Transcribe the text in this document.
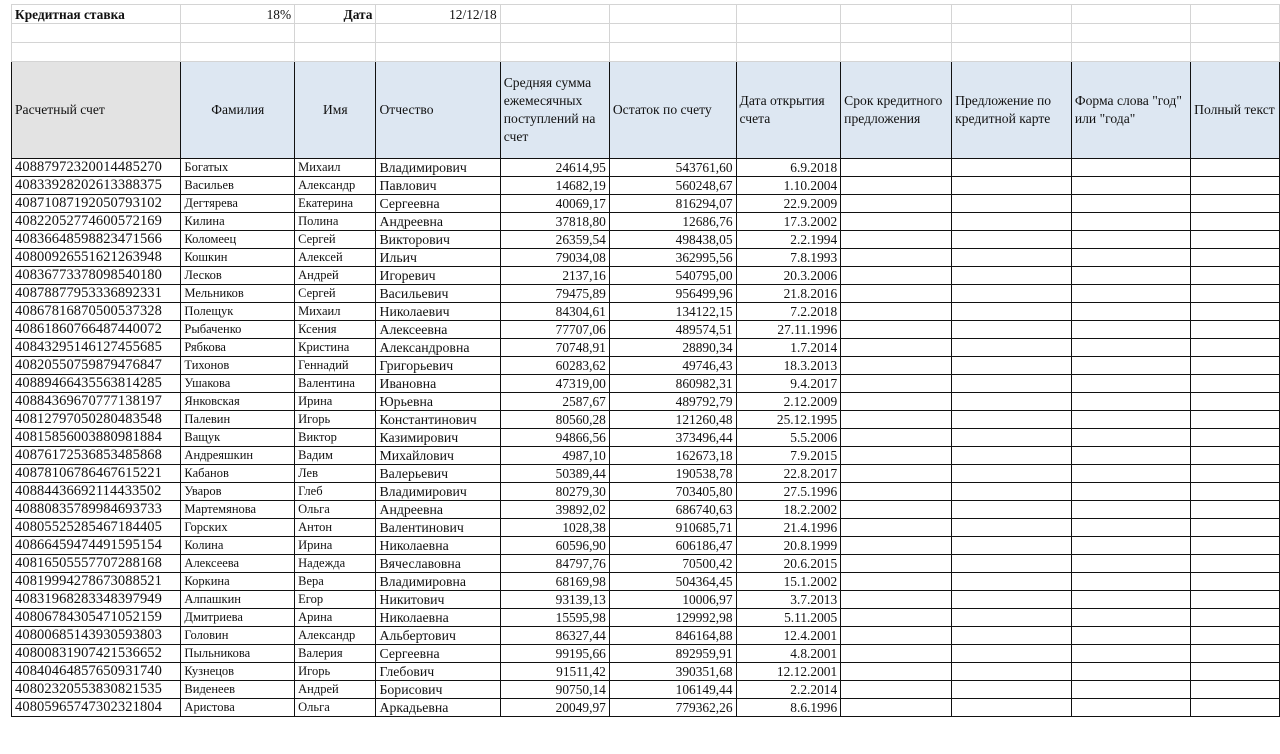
Кредитная ставка	18%	Дата	12/12/18							

Расчетный счет	Фамилия	Имя	Отчество	Средняя сумма ежемесячных поступлений на счет	Остаток по счету	Дата открытия счета	Срок кредитного предложения	Предложение по кредитной карте	Форма слова "год" или "года"	Полный текст
40887972320014485270	Богатых	Михаил	Владимирович	24614,95	543761,60	6.9.2018				
40833928202613388375	Васильев	Александр	Павлович	14682,19	560248,67	1.10.2004				
40871087192050793102	Дегтярева	Екатерина	Сергеевна	40069,17	816294,07	22.9.2009				
40822052774600572169	Килина	Полина	Андреевна	37818,80	12686,76	17.3.2002				
40836648598823471566	Коломеец	Сергей	Викторович	26359,54	498438,05	2.2.1994				
40800926551621263948	Кошкин	Алексей	Ильич	79034,08	362995,56	7.8.1993				
40836773378098540180	Лесков	Андрей	Игоревич	2137,16	540795,00	20.3.2006				
40878877953336892331	Мельников	Сергей	Васильевич	79475,89	956499,96	21.8.2016				
40867816870500537328	Полещук	Михаил	Николаевич	84304,61	134122,15	7.2.2018				
40861860766487440072	Рыбаченко	Ксения	Алексеевна	77707,06	489574,51	27.11.1996				
40843295146127455685	Рябкова	Кристина	Александровна	70748,91	28890,34	1.7.2014				
40820550759879476847	Тихонов	Геннадий	Григорьевич	60283,62	49746,43	18.3.2013				
40889466435563814285	Ушакова	Валентина	Ивановна	47319,00	860982,31	9.4.2017				
40884369670777138197	Янковская	Ирина	Юрьевна	2587,67	489792,79	2.12.2009				
40812797050280483548	Палевин	Игорь	Константинович	80560,28	121260,48	25.12.1995				
40815856003880981884	Ващук	Виктор	Казимирович	94866,56	373496,44	5.5.2006				
40876172536853485868	Андреяшкин	Вадим	Михайлович	4987,10	162673,18	7.9.2015				
40878106786467615221	Кабанов	Лев	Валерьевич	50389,44	190538,78	22.8.2017				
40884436692114433502	Уваров	Глеб	Владимирович	80279,30	703405,80	27.5.1996				
40880835789984693733	Мартемянова	Ольга	Андреевна	39892,02	686740,63	18.2.2002				
40805525285467184405	Горских	Антон	Валентинович	1028,38	910685,71	21.4.1996				
40866459474491595154	Колина	Ирина	Николаевна	60596,90	606186,47	20.8.1999				
40816505557707288168	Алексеева	Надежда	Вячеславовна	84797,76	70500,42	20.6.2015				
40819994278673088521	Коркина	Вера	Владимировна	68169,98	504364,45	15.1.2002				
40831968283348397949	Алпашкин	Егор	Никитович	93139,13	10006,97	3.7.2013				
40806784305471052159	Дмитриева	Арина	Николаевна	15595,98	129992,98	5.11.2005				
40800685143930593803	Головин	Александр	Альбертович	86327,44	846164,88	12.4.2001				
40800831907421536652	Пыльникова	Валерия	Сергеевна	99195,66	892959,91	4.8.2001				
40840464857650931740	Кузнецов	Игорь	Глебович	91511,42	390351,68	12.12.2001				
40802320553830821535	Виденеев	Андрей	Борисович	90750,14	106149,44	2.2.2014				
40805965747302321804	Аристова	Ольга	Аркадьевна	20049,97	779362,26	8.6.1996				
